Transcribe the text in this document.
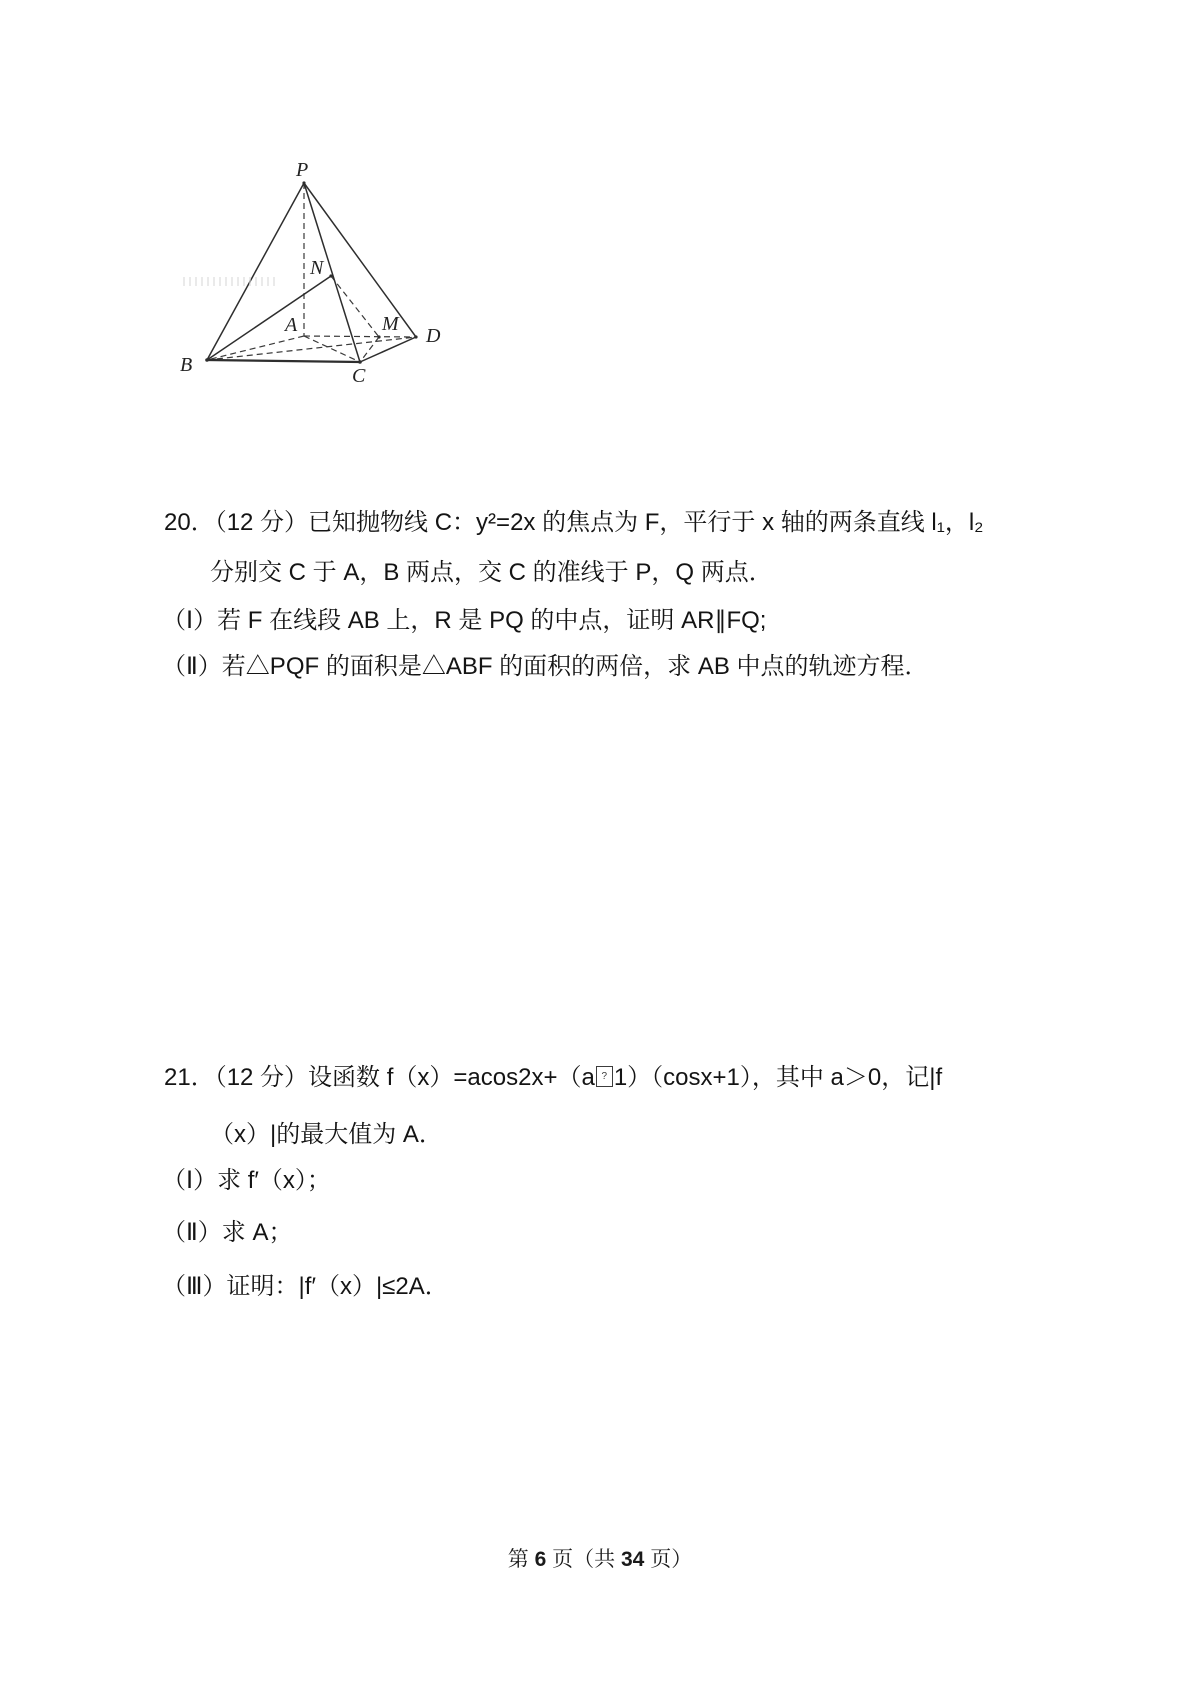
P
N
A	M
D
B	C
20．（12 分）已知抛物线 C：y²=2x 的焦点为 F，平行于 x 轴的两条直线 l₁，l₂
分别交 C 于 A，B 两点，交 C 的准线于 P，Q 两点．
（Ⅰ）若 F 在线段 AB 上，R 是 PQ 的中点，证明 AR∥FQ;
（Ⅱ）若△PQF 的面积是△ABF 的面积的两倍，求 AB 中点的轨迹方程．
21．（12 分）设函数 f（x）=acos2x+（a ? 1）（cosx+1），其中 a＞0，记|f
（x）|的最大值为 A．
（Ⅰ）求 f′（x）；
（Ⅱ）求 A；
（Ⅲ）证明：|f′（x）|≤2A．
第 6 页（共 34 页）
